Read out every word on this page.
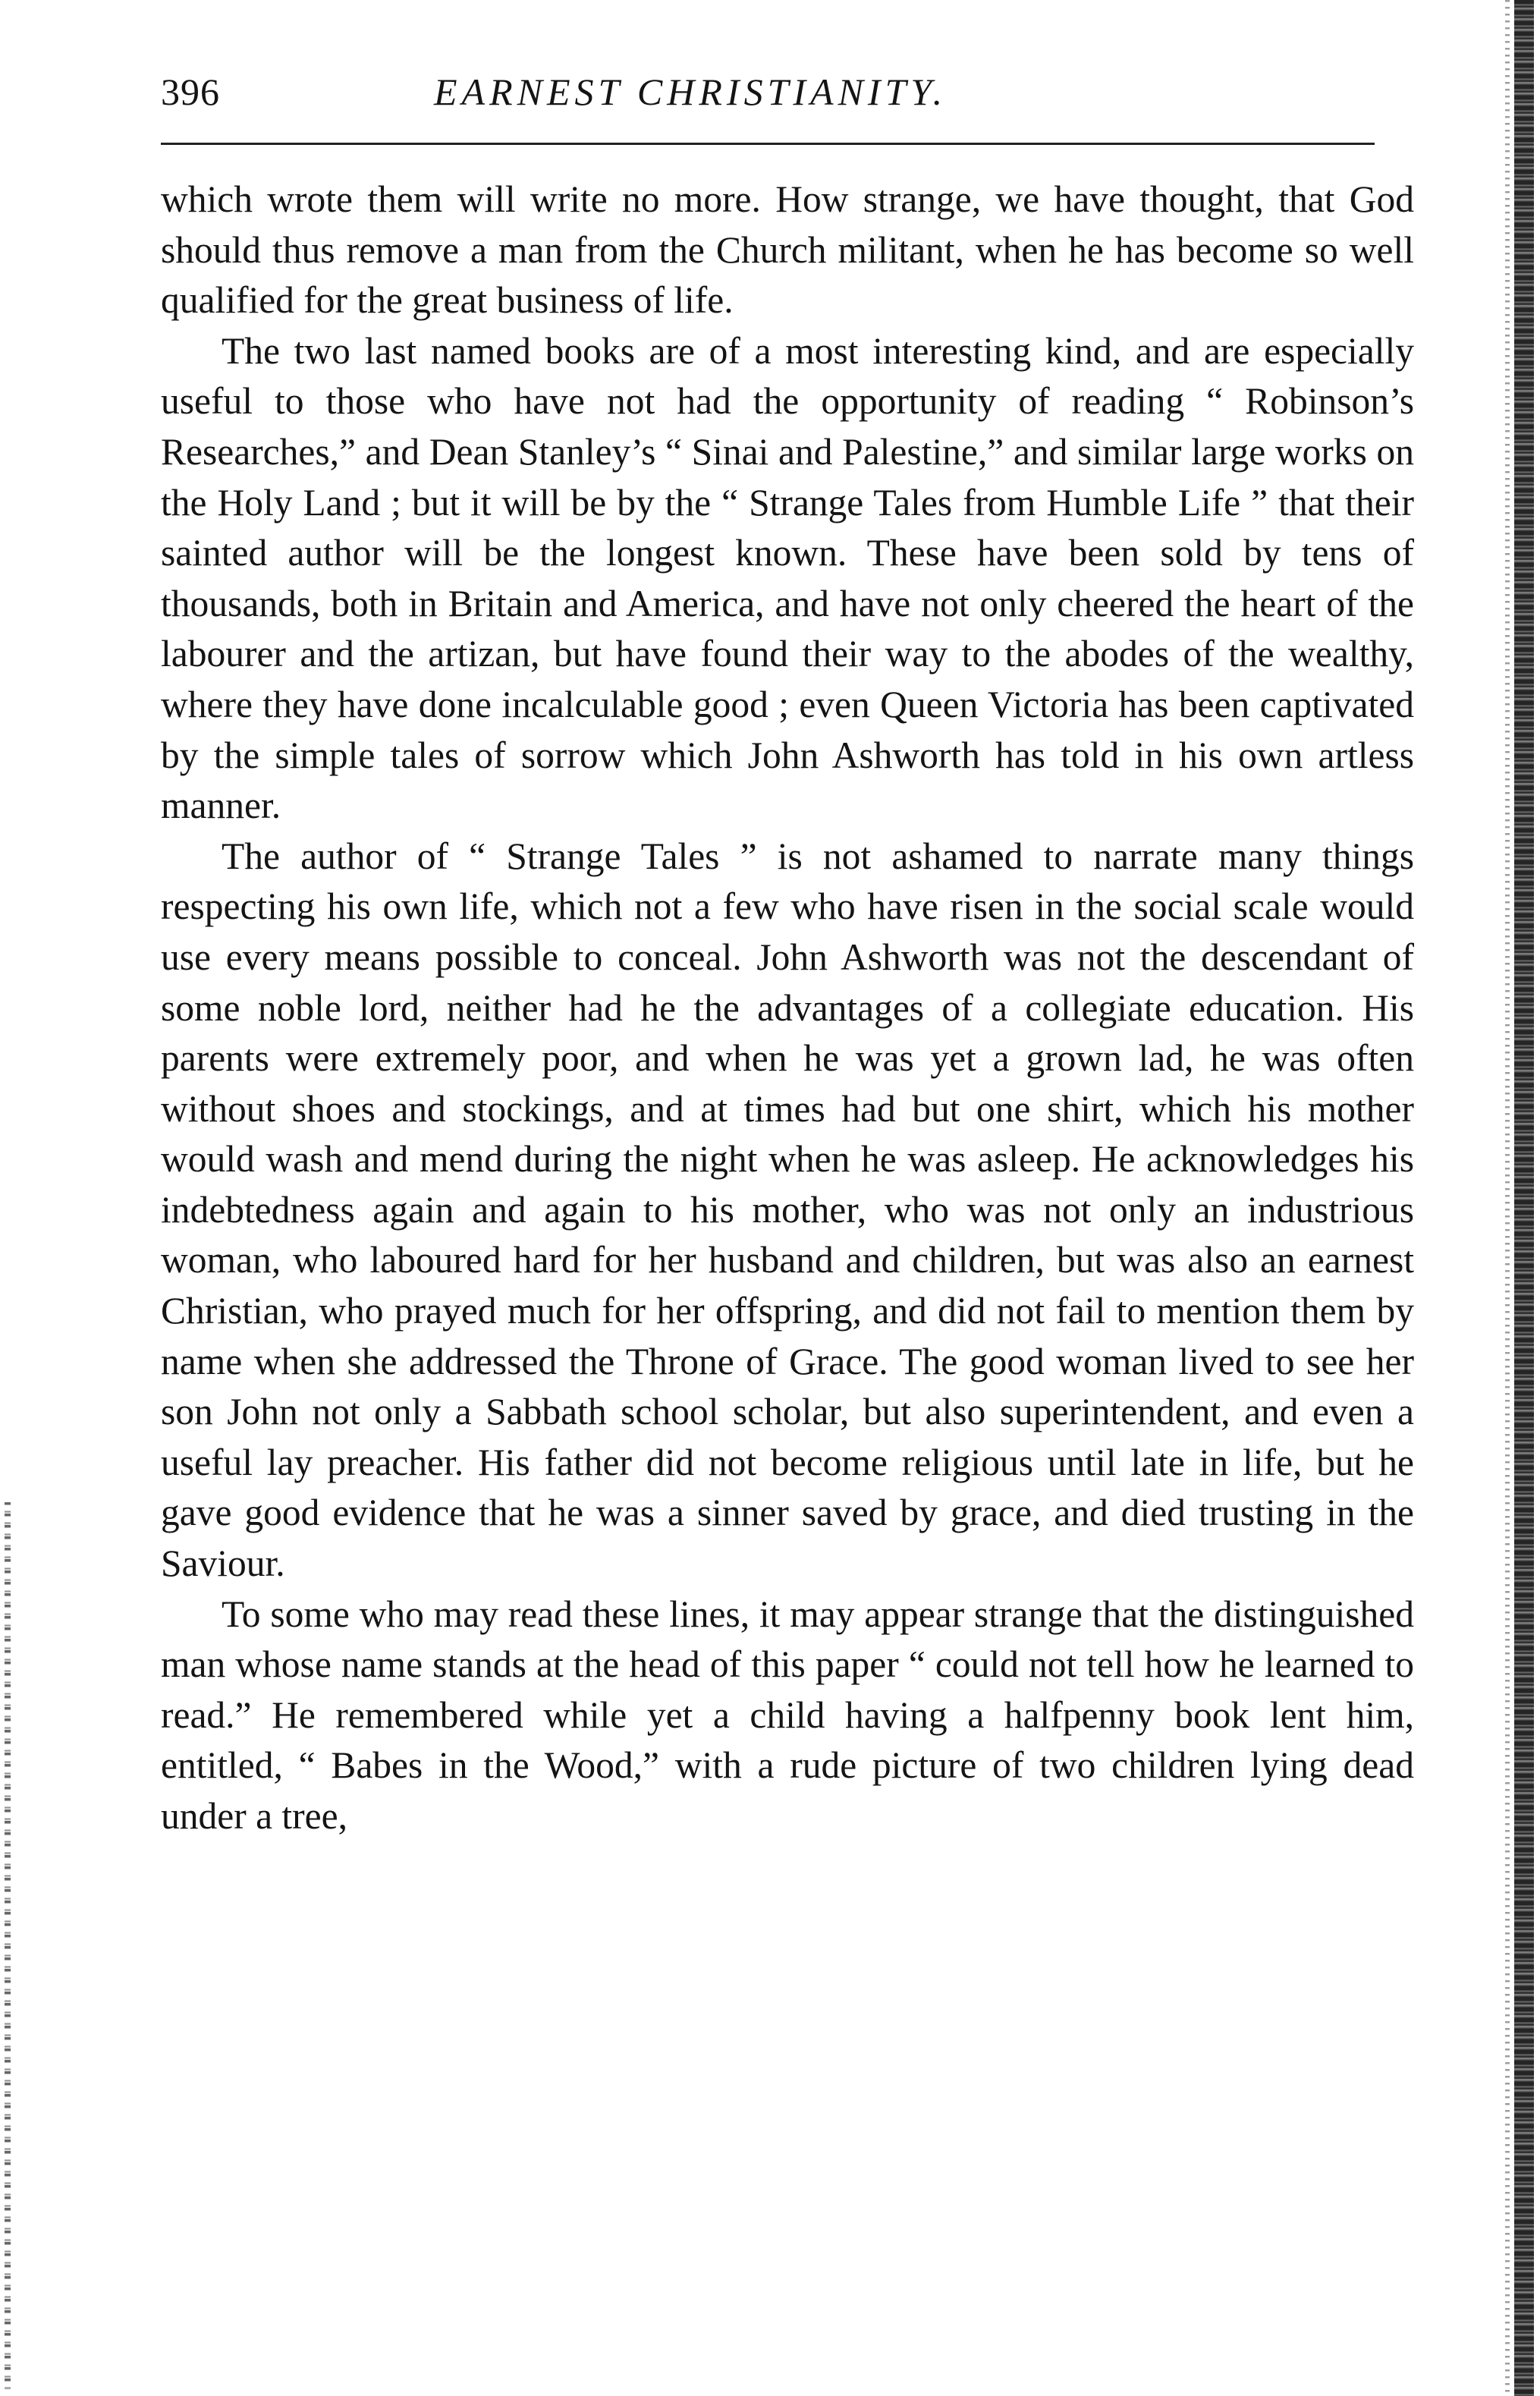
396	EARNEST CHRISTIANITY.

which wrote them will write no more. How strange, we have thought, that God should thus remove a man from the Church militant, when he has become so well qualified for the great business of life.

The two last named books are of a most interesting kind, and are especially useful to those who have not had the opportunity of reading “ Robinson’s Researches,” and Dean Stanley’s “ Sinai and Palestine,” and similar large works on the Holy Land ; but it will be by the “ Strange Tales from Humble Life ” that their sainted author will be the longest known. These have been sold by tens of thousands, both in Britain and America, and have not only cheered the heart of the labourer and the artizan, but have found their way to the abodes of the wealthy, where they have done incalculable good ; even Queen Victoria has been captivated by the simple tales of sorrow which John Ashworth has told in his own artless manner.

The author of “ Strange Tales ” is not ashamed to narrate many things respecting his own life, which not a few who have risen in the social scale would use every means possible to conceal. John Ashworth was not the descendant of some noble lord, neither had he the advantages of a collegiate education. His parents were extremely poor, and when he was yet a grown lad, he was often without shoes and stockings, and at times had but one shirt, which his mother would wash and mend during the night when he was asleep. He acknowledges his indebtedness again and again to his mother, who was not only an industrious woman, who laboured hard for her husband and children, but was also an earnest Christian, who prayed much for her offspring, and did not fail to mention them by name when she addressed the Throne of Grace. The good woman lived to see her son John not only a Sabbath school scholar, but also superintendent, and even a useful lay preacher. His father did not become religious until late in life, but he gave good evidence that he was a sinner saved by grace, and died trusting in the Saviour.

To some who may read these lines, it may appear strange that the distinguished man whose name stands at the head of this paper “ could not tell how he learned to read.” He remembered while yet a child having a halfpenny book lent him, entitled, “ Babes in the Wood,” with a rude picture of two children lying dead under a tree,
